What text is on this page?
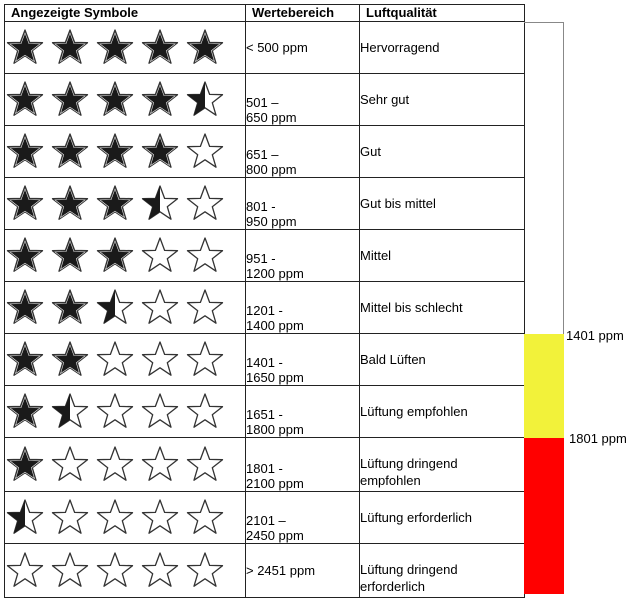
Angezeigte Symbole	Wertebereich	Luftqualität

	< 500 ppm	Hervorragend

	501 –
650 ppm	Sehr gut

	651 –
800 ppm	Gut

	801 -
950 ppm	Gut bis mittel

	951 -
1200 ppm	Mittel

	1201 -
1400 ppm	Mittel bis schlecht

	1401 -
1650 ppm	Bald Lüften

	1651 -
1800 ppm	Lüftung empfohlen

	1801 -
2100 ppm	Lüftung dringend
empfohlen

	2101 –
2450 ppm	Lüftung erforderlich

	> 2451 ppm	Lüftung dringend
erforderlich
1401 ppm
1801 ppm
